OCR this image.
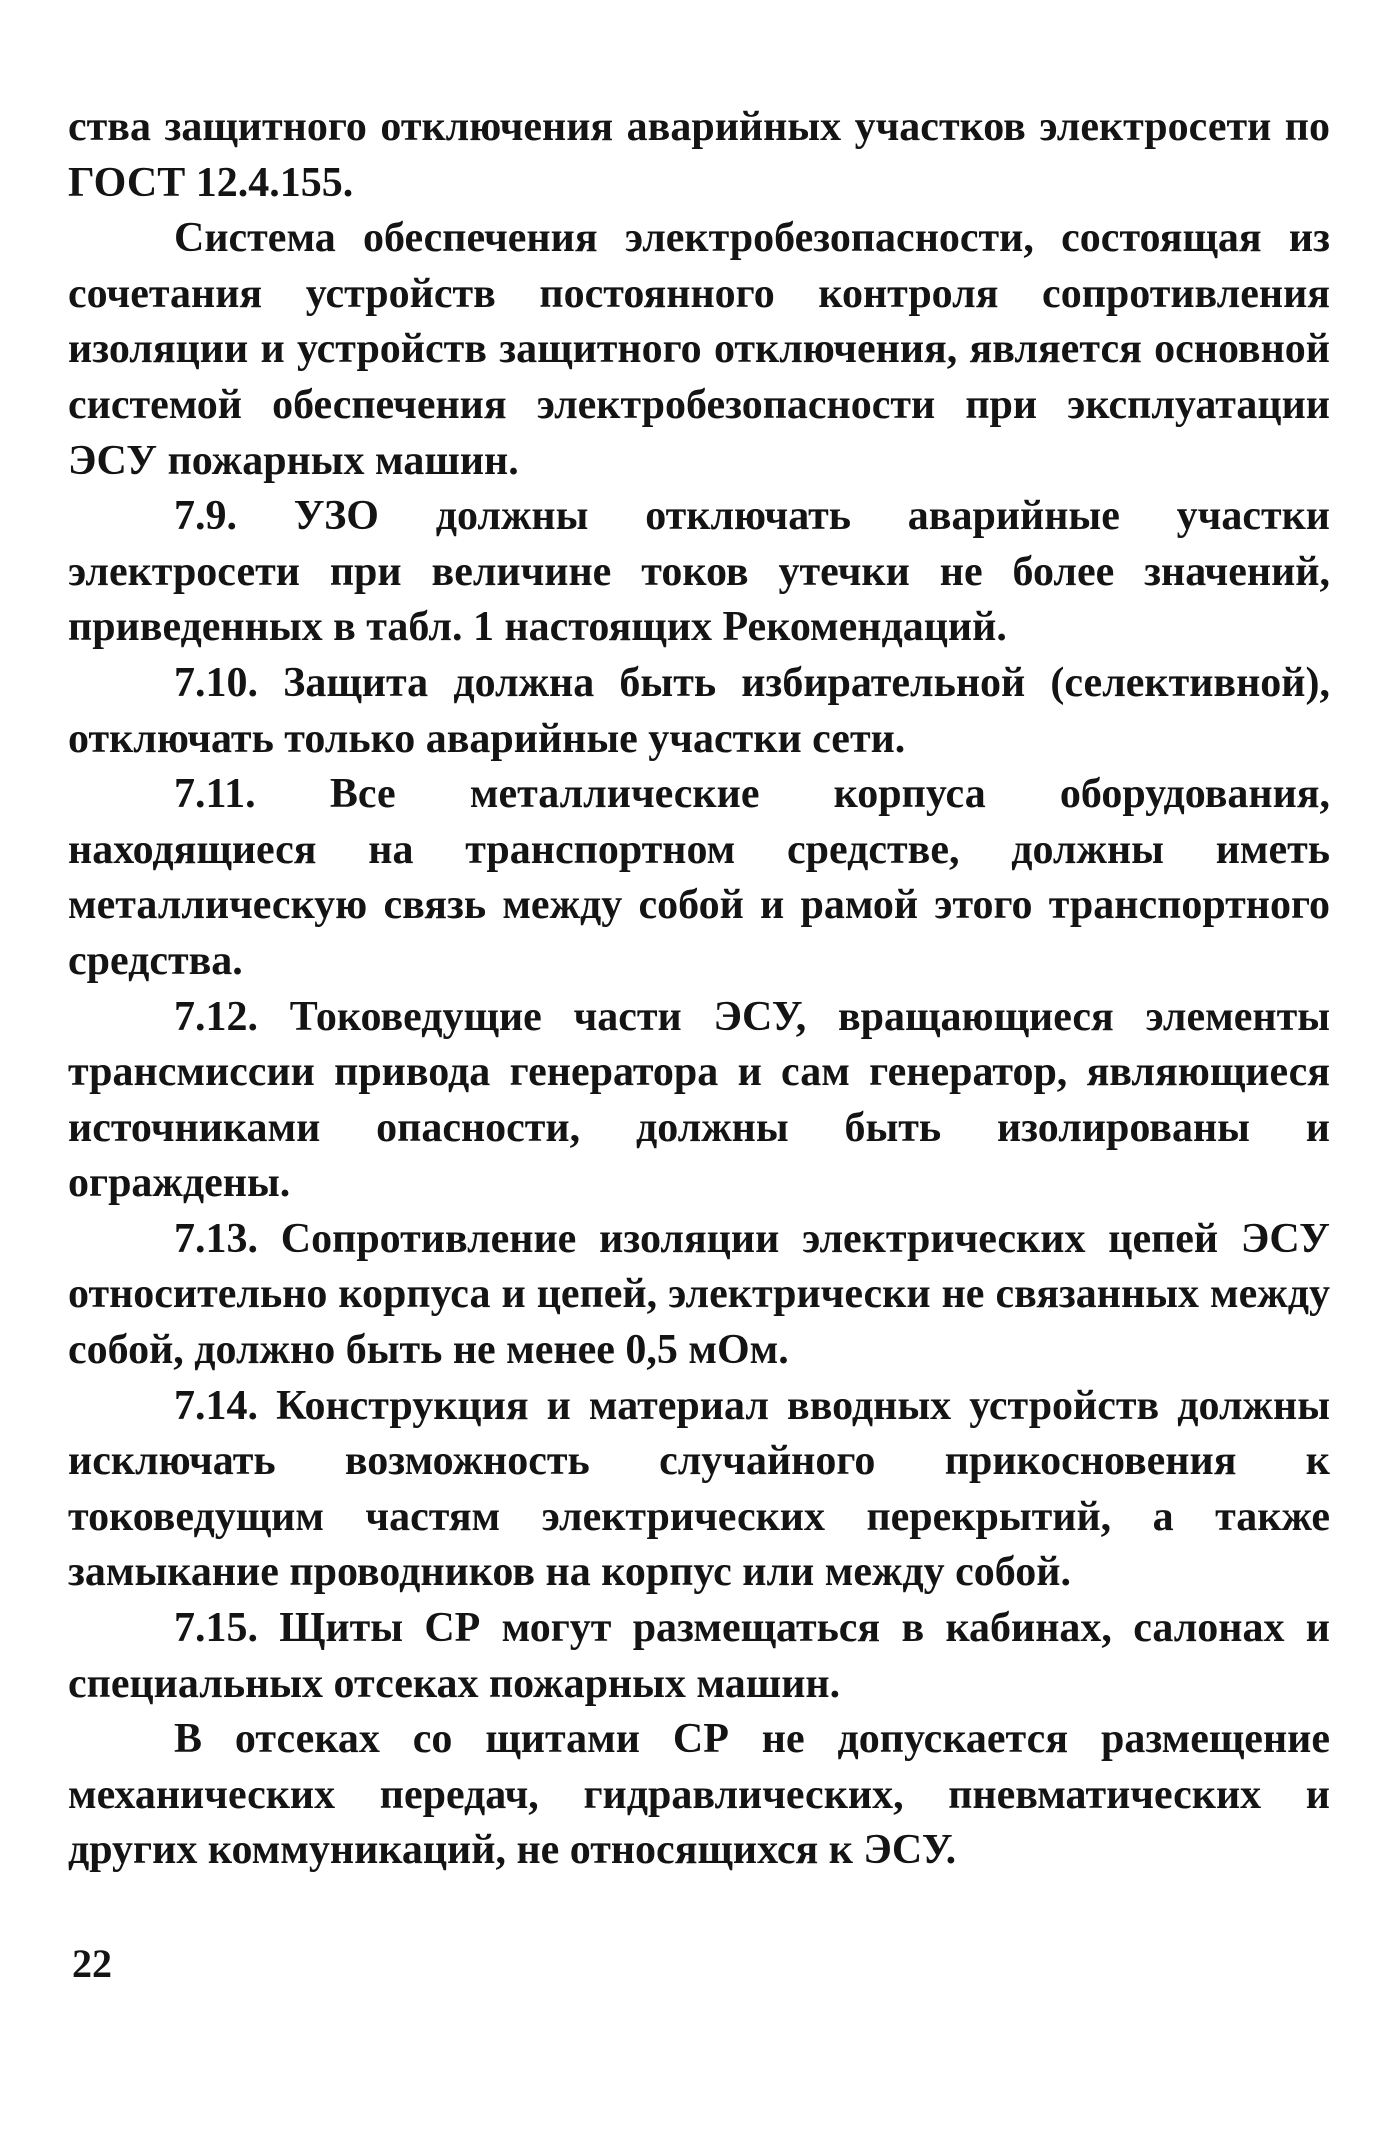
ства защитного отключения аварийных участков электросети по ГОСТ 12.4.155.

Система обеспечения электробезопасности, состоящая из сочетания устройств постоянного контроля сопротивления изоляции и устройств защитного отключения, является основной системой обеспечения электробезопасности при эксплуатации ЭСУ пожарных машин.

7.9. УЗО должны отключать аварийные участки электросети при величине токов утечки не более значений, приведенных в табл. 1 настоящих Рекомендаций.

7.10. Защита должна быть избирательной (селективной), отключать только аварийные участки сети.

7.11. Все металлические корпуса оборудования, находящиеся на транспортном средстве, должны иметь металлическую связь между собой и рамой этого транспортного средства.

7.12. Токоведущие части ЭСУ, вращающиеся элементы трансмиссии привода генератора и сам генератор, являющиеся источниками опасности, должны быть изолированы и ограждены.

7.13. Сопротивление изоляции электрических цепей ЭСУ относительно корпуса и цепей, электрически не связанных между собой, должно быть не менее 0,5 мОм.

7.14. Конструкция и материал вводных устройств должны исключать возможность случайного прикосновения к токоведущим частям электрических перекрытий, а также замыкание проводников на корпус или между собой.

7.15. Щиты СР могут размещаться в кабинах, салонах и специальных отсеках пожарных машин.

В отсеках со щитами СР не допускается размещение механических передач, гидравлических, пневматических и других коммуникаций, не относящихся к ЭСУ.

22
